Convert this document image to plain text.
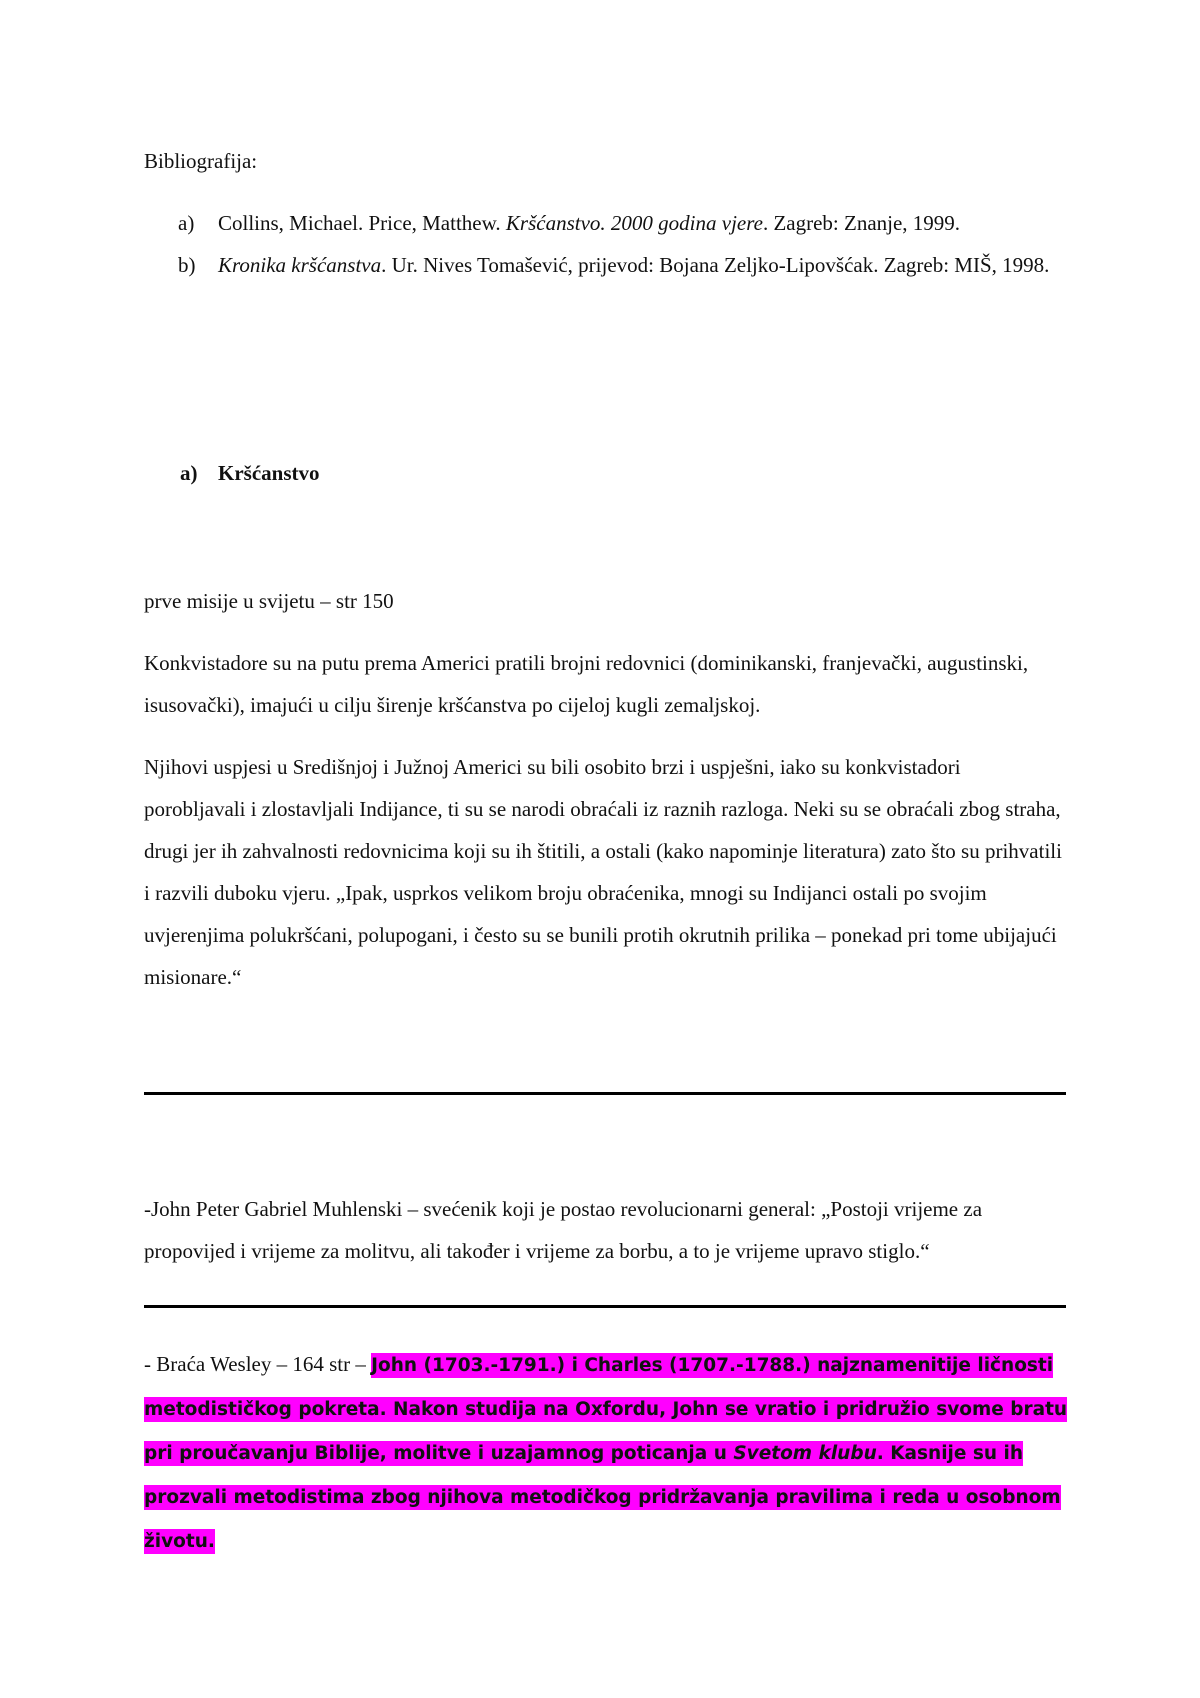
Bibliografija:
a) Collins, Michael. Price, Matthew. Kršćanstvo. 2000 godina vjere. Zagreb: Znanje, 1999.
b) Kronika kršćanstva. Ur. Nives Tomašević, prijevod: Bojana Zeljko-Lipovšćak. Zagreb: MIŠ, 1998.
a) Kršćanstvo
prve misije u svijetu – str 150
Konkvistadore su na putu prema Americi pratili brojni redovnici (dominikanski, franjevački, augustinski, isusovački), imajući u cilju širenje kršćanstva po cijeloj kugli zemaljskoj.
Njihovi uspjesi u Središnjoj i Južnoj Americi su bili osobito brzi i uspješni, iako su konkvistadori porobljavali i zlostavljali Indijance, ti su se narodi obraćali iz raznih razloga. Neki su se obraćali zbog straha, drugi jer ih zahvalnosti redovnicima koji su ih štitili, a ostali (kako napominje literatura) zato što su prihvatili i razvili duboku vjeru. „Ipak, usprkos velikom broju obraćenika, mnogi su Indijanci ostali po svojim uvjerenjima polukršćani, polupogani, i često su se bunili protih okrutnih prilika – ponekad pri tome ubijajući misionare.“
-John Peter Gabriel Muhlenski – svećenik koji je postao revolucionarni general: „Postoji vrijeme za propovijed i vrijeme za molitvu, ali također i vrijeme za borbu, a to je vrijeme upravo stiglo.“
- Braća Wesley – 164 str – John (1703.-1791.) i Charles (1707.-1788.) najznamenitije ličnosti metodističkog pokreta. Nakon studija na Oxfordu, John se vratio i pridružio svome bratu pri proučavanju Biblije, molitve i uzajamnog poticanja u Svetom klubu. Kasnije su ih prozvali metodistima zbog njihova metodičkog pridržavanja pravilima i reda u osobnom životu.
